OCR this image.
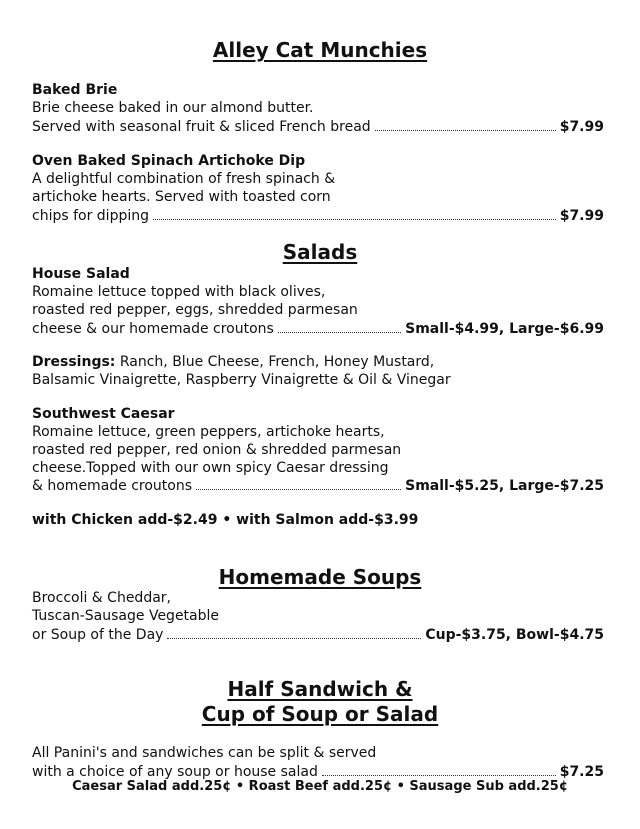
Alley Cat Munchies

Baked Brie

Brie cheese baked in our almond butter.

Served with seasonal fruit & sliced French bread	$7.99

Oven Baked Spinach Artichoke Dip

A delightful combination of fresh spinach &

artichoke hearts. Served with toasted corn

chips for dipping	$7.99
Salads

House Salad

Romaine lettuce topped with black olives,

roasted red pepper, eggs, shredded parmesan

cheese & our homemade croutons	Small-$4.99, Large-$6.99

Dressings: Ranch, Blue Cheese, French, Honey Mustard,

Balsamic Vinaigrette, Raspberry Vinaigrette & Oil & Vinegar

Southwest Caesar

Romaine lettuce, green peppers, artichoke hearts,

roasted red pepper, red onion & shredded parmesan

cheese.Topped with our own spicy Caesar dressing

& homemade croutons	Small-$5.25, Large-$7.25

with Chicken add-$2.49 • with Salmon add-$3.99

Homemade Soups

Broccoli & Cheddar,

Tuscan-Sausage Vegetable

or Soup of the Day	Cup-$3.75, Bowl-$4.75
Half Sandwich &
Cup of Soup or Salad

All Panini's and sandwiches can be split & served

with a choice of any soup or house salad	$7.25

Caesar Salad add.25¢ • Roast Beef add.25¢ • Sausage Sub add.25¢
